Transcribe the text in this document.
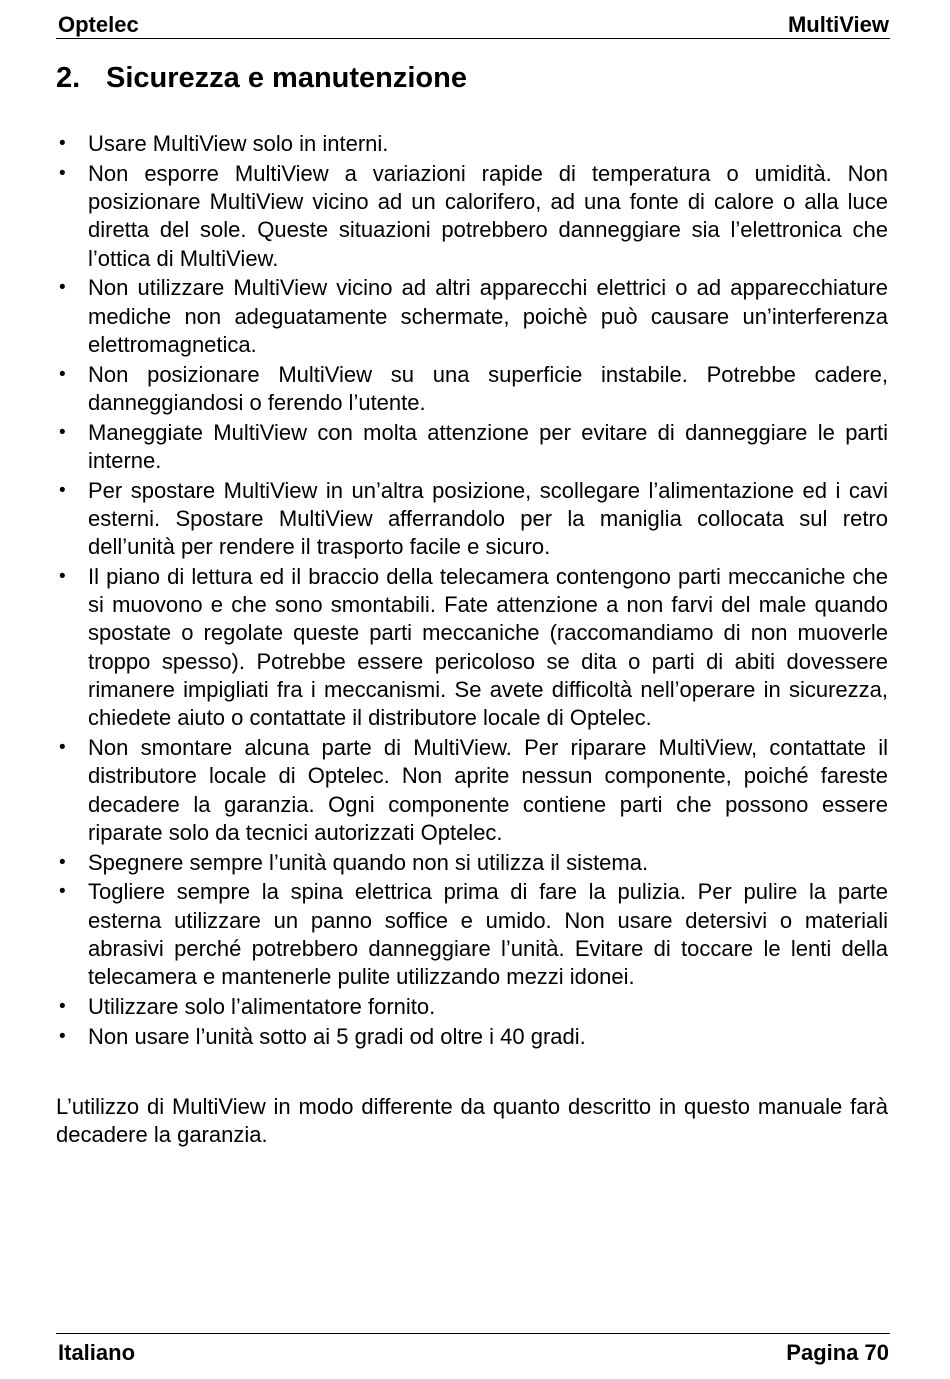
Optelec	MultiView
2. Sicurezza e manutenzione
• Usare MultiView solo in interni.
• Non esporre MultiView a variazioni rapide di temperatura o umidità. Non posizionare MultiView vicino ad un calorifero, ad una fonte di calore o alla luce diretta del sole. Queste situazioni potrebbero danneggiare sia l’elettronica che l’ottica di MultiView.
• Non utilizzare MultiView vicino ad altri apparecchi elettrici o ad apparecchiature mediche non adeguatamente schermate, poichè può causare un’interferenza elettromagnetica.
• Non posizionare MultiView su una superficie instabile. Potrebbe cadere, danneggiandosi o ferendo l’utente.
• Maneggiate MultiView con molta attenzione per evitare di danneggiare le parti interne.
• Per spostare MultiView in un’altra posizione, scollegare l’alimentazione ed i cavi esterni. Spostare MultiView afferrandolo per la maniglia collocata sul retro dell’unità per rendere il trasporto facile e sicuro.
• Il piano di lettura ed il braccio della telecamera contengono parti meccaniche che si muovono e che sono smontabili. Fate attenzione a non farvi del male quando spostate o regolate queste parti meccaniche (raccomandiamo di non muoverle troppo spesso). Potrebbe essere pericoloso se dita o parti di abiti dovessere rimanere impigliati fra i meccanismi. Se avete difficoltà nell’operare in sicurezza, chiedete aiuto o contattate il distributore locale di Optelec.
• Non smontare alcuna parte di MultiView. Per riparare MultiView, contattate il distributore locale di Optelec. Non aprite nessun componente, poiché fareste decadere la garanzia. Ogni componente contiene parti che possono essere riparate solo da tecnici autorizzati Optelec.
• Spegnere sempre l’unità quando non si utilizza il sistema.
• Togliere sempre la spina elettrica prima di fare la pulizia. Per pulire la parte esterna utilizzare un panno soffice e umido. Non usare detersivi o materiali abrasivi perché potrebbero danneggiare l’unità. Evitare di toccare le lenti della telecamera e mantenerle pulite utilizzando mezzi idonei.
• Utilizzare solo l’alimentatore fornito.
• Non usare l’unità sotto ai 5 gradi od oltre i 40 gradi.

L’utilizzo di MultiView in modo differente da quanto descritto in questo manuale farà decadere la garanzia.

Italiano	Pagina 70
